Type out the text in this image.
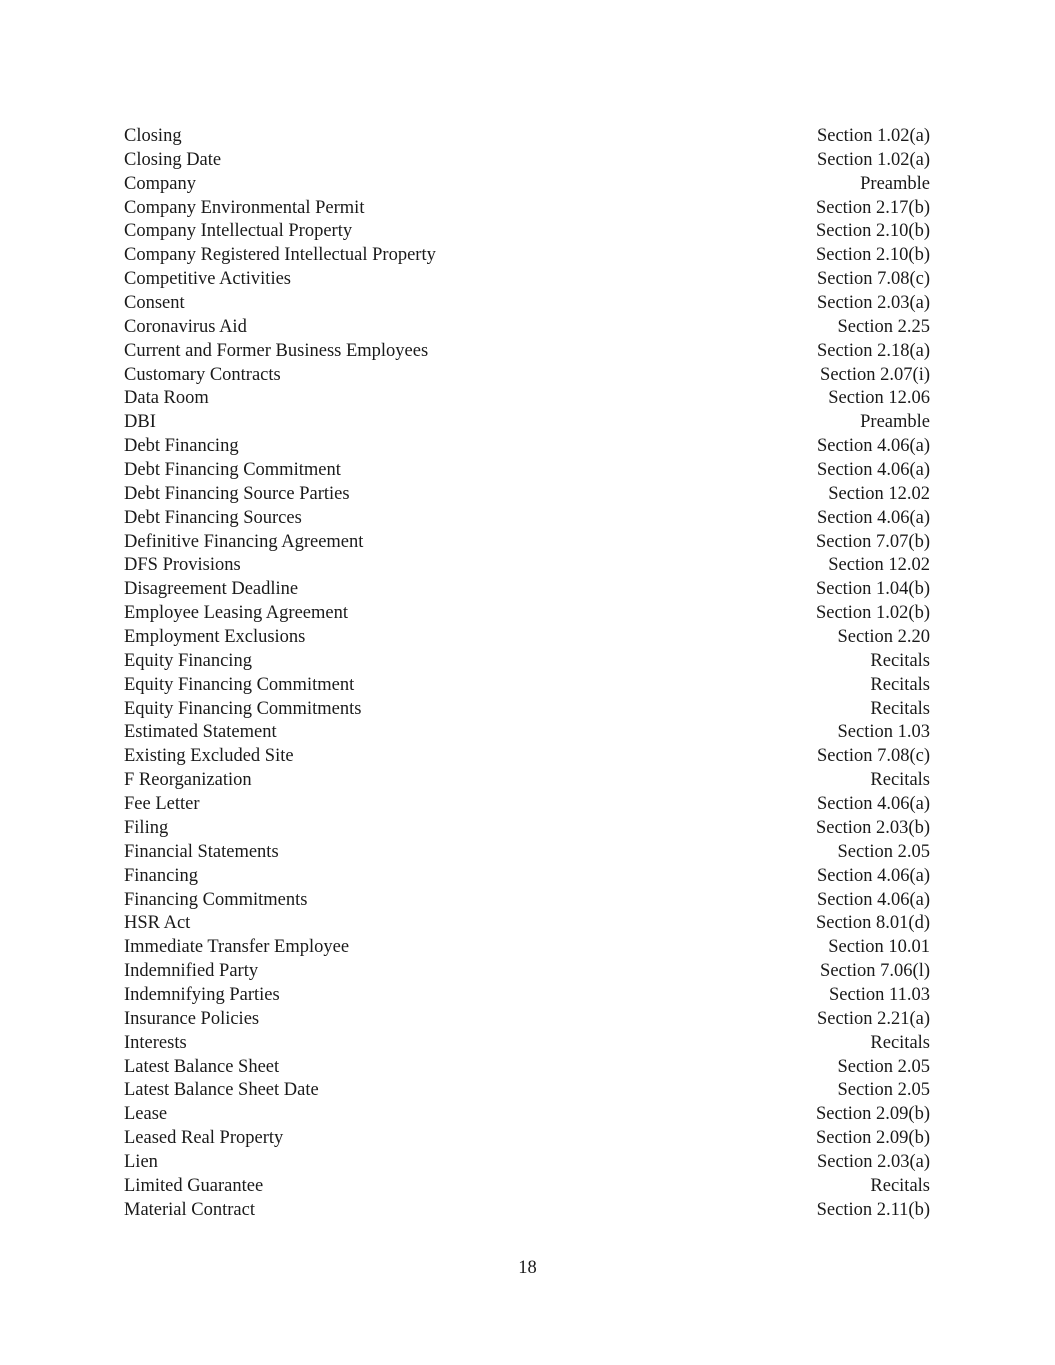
Closing	Section 1.02(a)
Closing Date	Section 1.02(a)
Company	Preamble
Company Environmental Permit	Section 2.17(b)
Company Intellectual Property	Section 2.10(b)
Company Registered Intellectual Property	Section 2.10(b)
Competitive Activities	Section 7.08(c)
Consent	Section 2.03(a)
Coronavirus Aid	Section 2.25
Current and Former Business Employees	Section 2.18(a)
Customary Contracts	Section 2.07(i)
Data Room	Section 12.06
DBI	Preamble
Debt Financing	Section 4.06(a)
Debt Financing Commitment	Section 4.06(a)
Debt Financing Source Parties	Section 12.02
Debt Financing Sources	Section 4.06(a)
Definitive Financing Agreement	Section 7.07(b)
DFS Provisions	Section 12.02
Disagreement Deadline	Section 1.04(b)
Employee Leasing Agreement	Section 1.02(b)
Employment Exclusions	Section 2.20
Equity Financing	Recitals
Equity Financing Commitment	Recitals
Equity Financing Commitments	Recitals
Estimated Statement	Section 1.03
Existing Excluded Site	Section 7.08(c)
F Reorganization	Recitals
Fee Letter	Section 4.06(a)
Filing	Section 2.03(b)
Financial Statements	Section 2.05
Financing	Section 4.06(a)
Financing Commitments	Section 4.06(a)
HSR Act	Section 8.01(d)
Immediate Transfer Employee	Section 10.01
Indemnified Party	Section 7.06(l)
Indemnifying Parties	Section 11.03
Insurance Policies	Section 2.21(a)
Interests	Recitals
Latest Balance Sheet	Section 2.05
Latest Balance Sheet Date	Section 2.05
Lease	Section 2.09(b)
Leased Real Property	Section 2.09(b)
Lien	Section 2.03(a)
Limited Guarantee	Recitals
Material Contract	Section 2.11(b)
18
